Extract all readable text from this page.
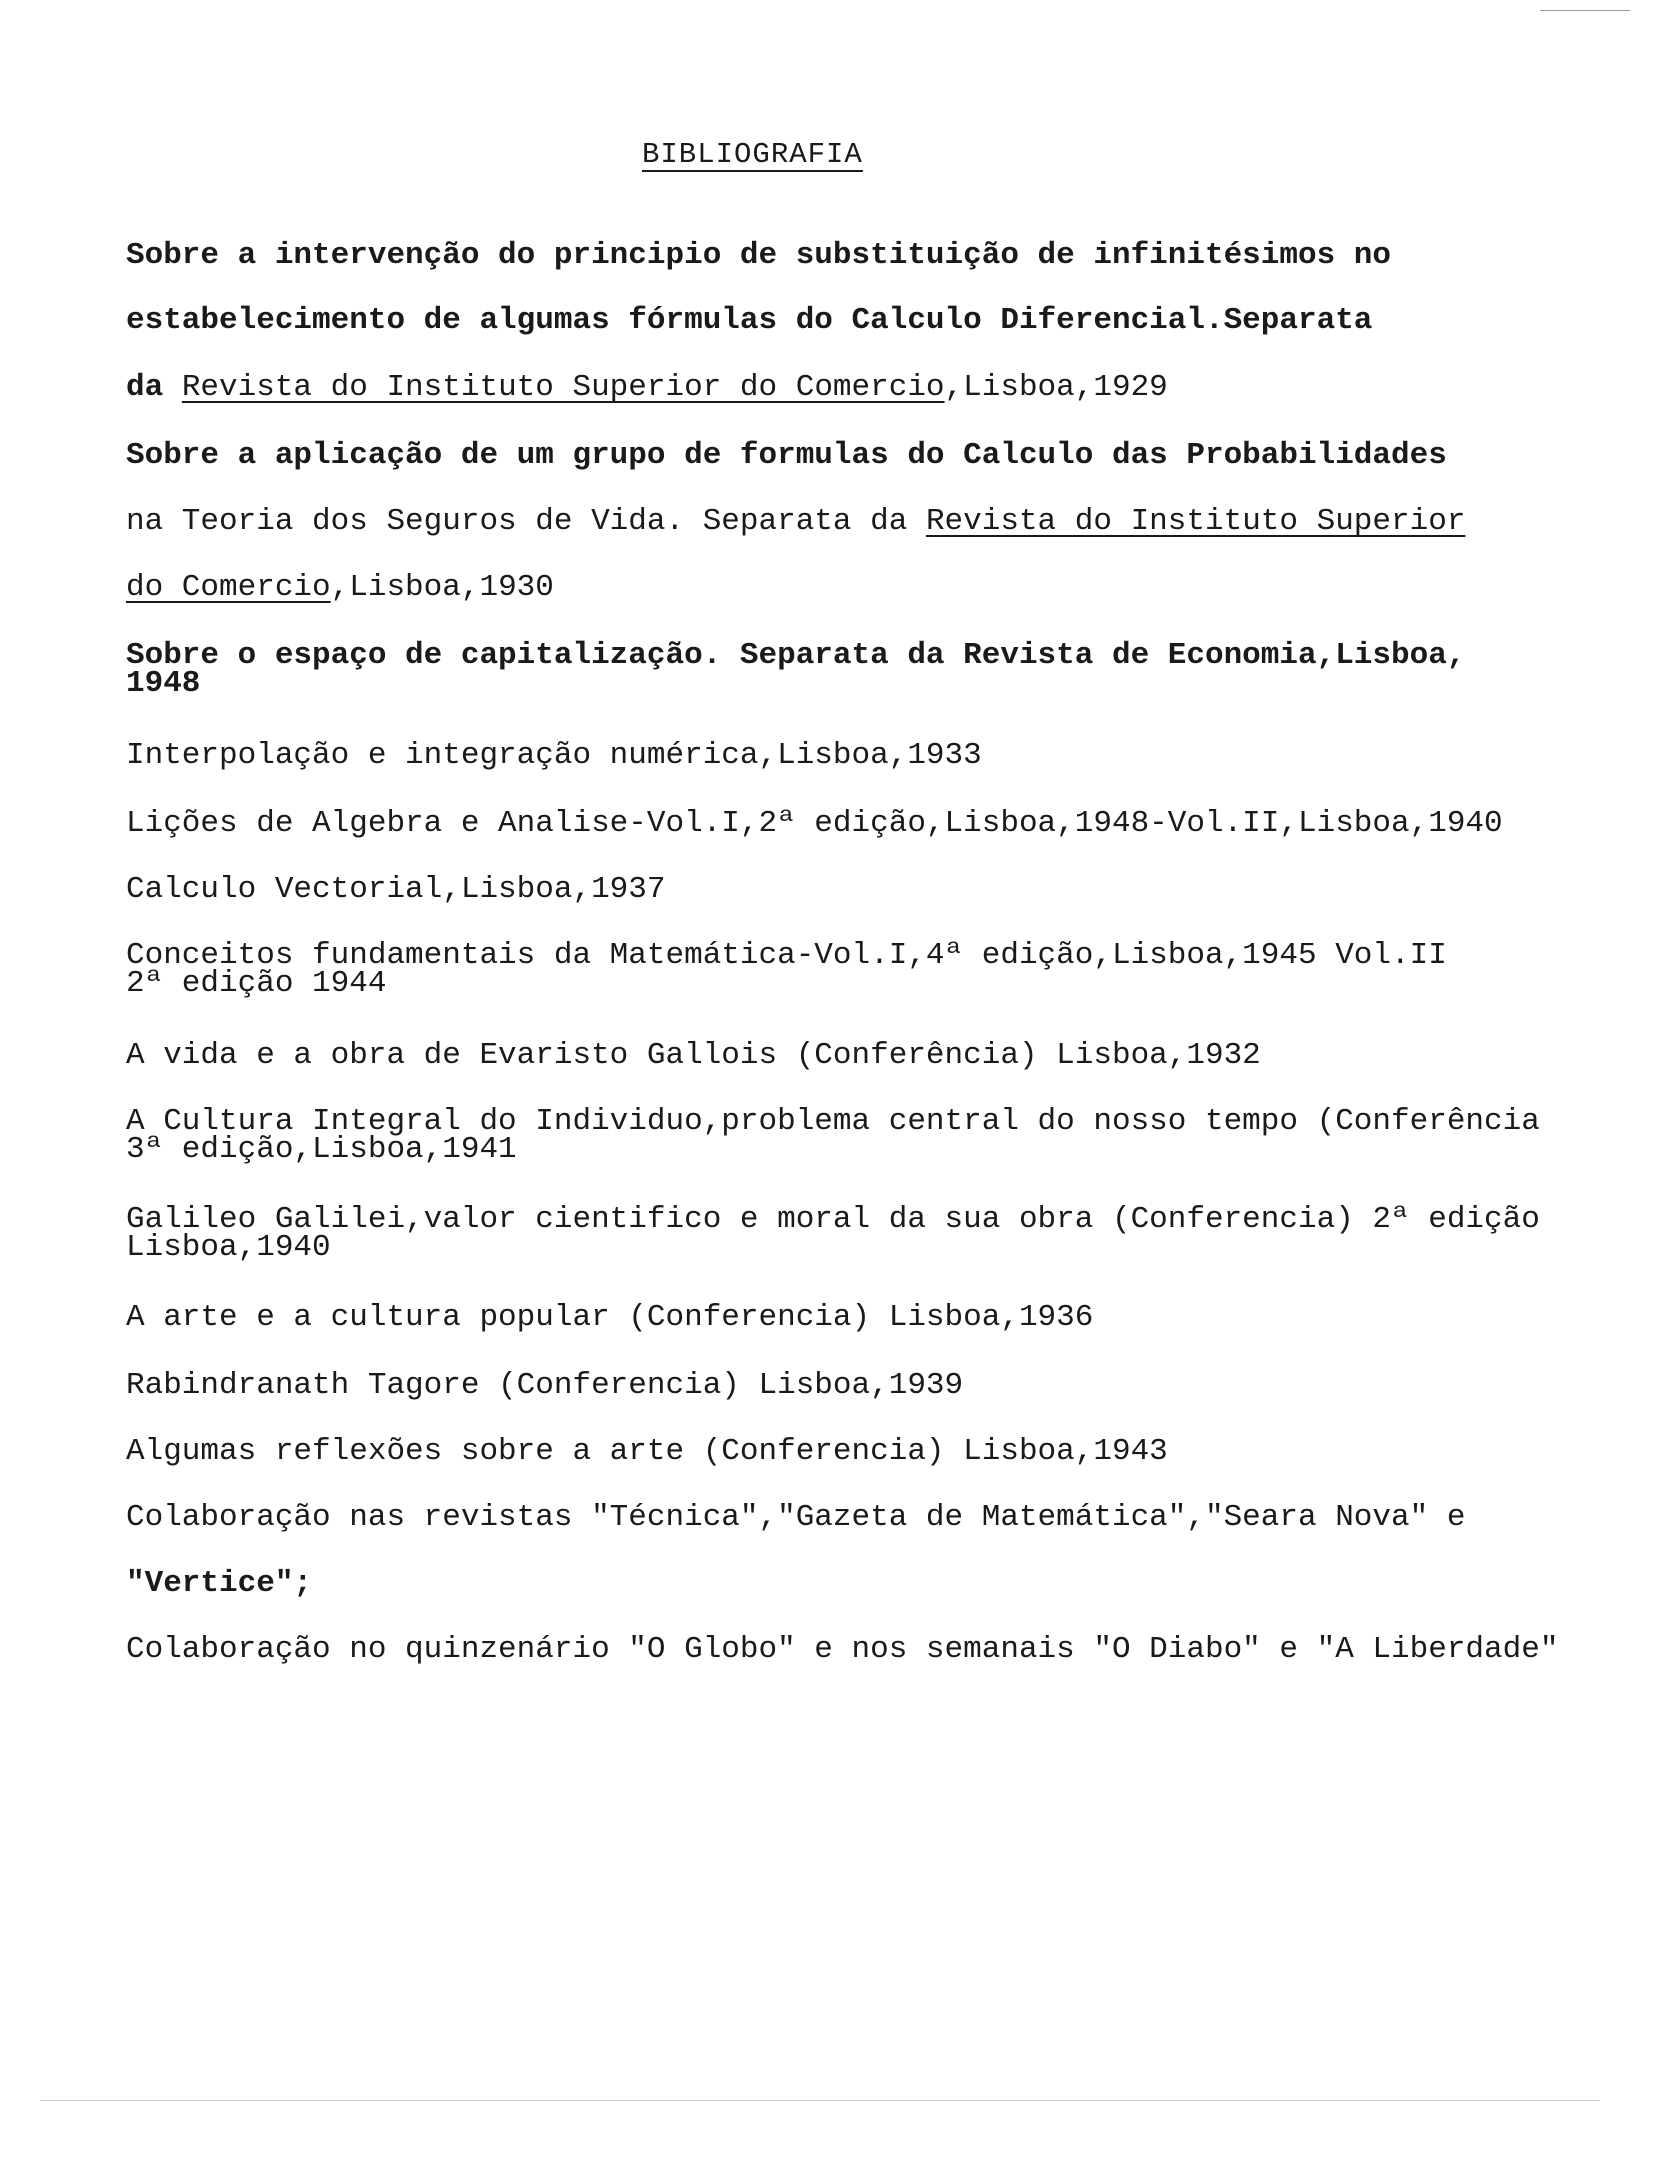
BIBLIOGRAFIA
Sobre a intervenção do principio de substituição de infinitésimos no
estabelecimento de algumas fórmulas do Calculo Diferencial.Separata
da Revista do Instituto Superior do Comercio,Lisboa,1929
Sobre a aplicação de um grupo de formulas do Calculo das Probabilidades
na Teoria dos Seguros de Vida. Separata da Revista do Instituto Superior
do Comercio,Lisboa,1930
Sobre o espaço de capitalização. Separata da Revista de Economia,Lisboa,
1948
Interpolação e integração numérica,Lisboa,1933
Lições de Algebra e Analise-Vol.I,2ª edição,Lisboa,1948-Vol.II,Lisboa,1940
Calculo Vectorial,Lisboa,1937
Conceitos fundamentais da Matemática-Vol.I,4ª edição,Lisboa,1945 Vol.II
2ª edição 1944
A vida e a obra de Evaristo Gallois (Conferência) Lisboa,1932
A Cultura Integral do Individuo,problema central do nosso tempo (Conferência
3ª edição,Lisboa,1941
Galileo Galilei,valor cientifico e moral da sua obra (Conferencia) 2ª edição
Lisboa,1940
A arte e a cultura popular (Conferencia) Lisboa,1936
Rabindranath Tagore (Conferencia) Lisboa,1939
Algumas reflexões sobre a arte (Conferencia) Lisboa,1943
Colaboração nas revistas "Técnica","Gazeta de Matemática","Seara Nova" e
"Vertice";
Colaboração no quinzenário "O Globo" e nos semanais "O Diabo" e "A Liberdade"
